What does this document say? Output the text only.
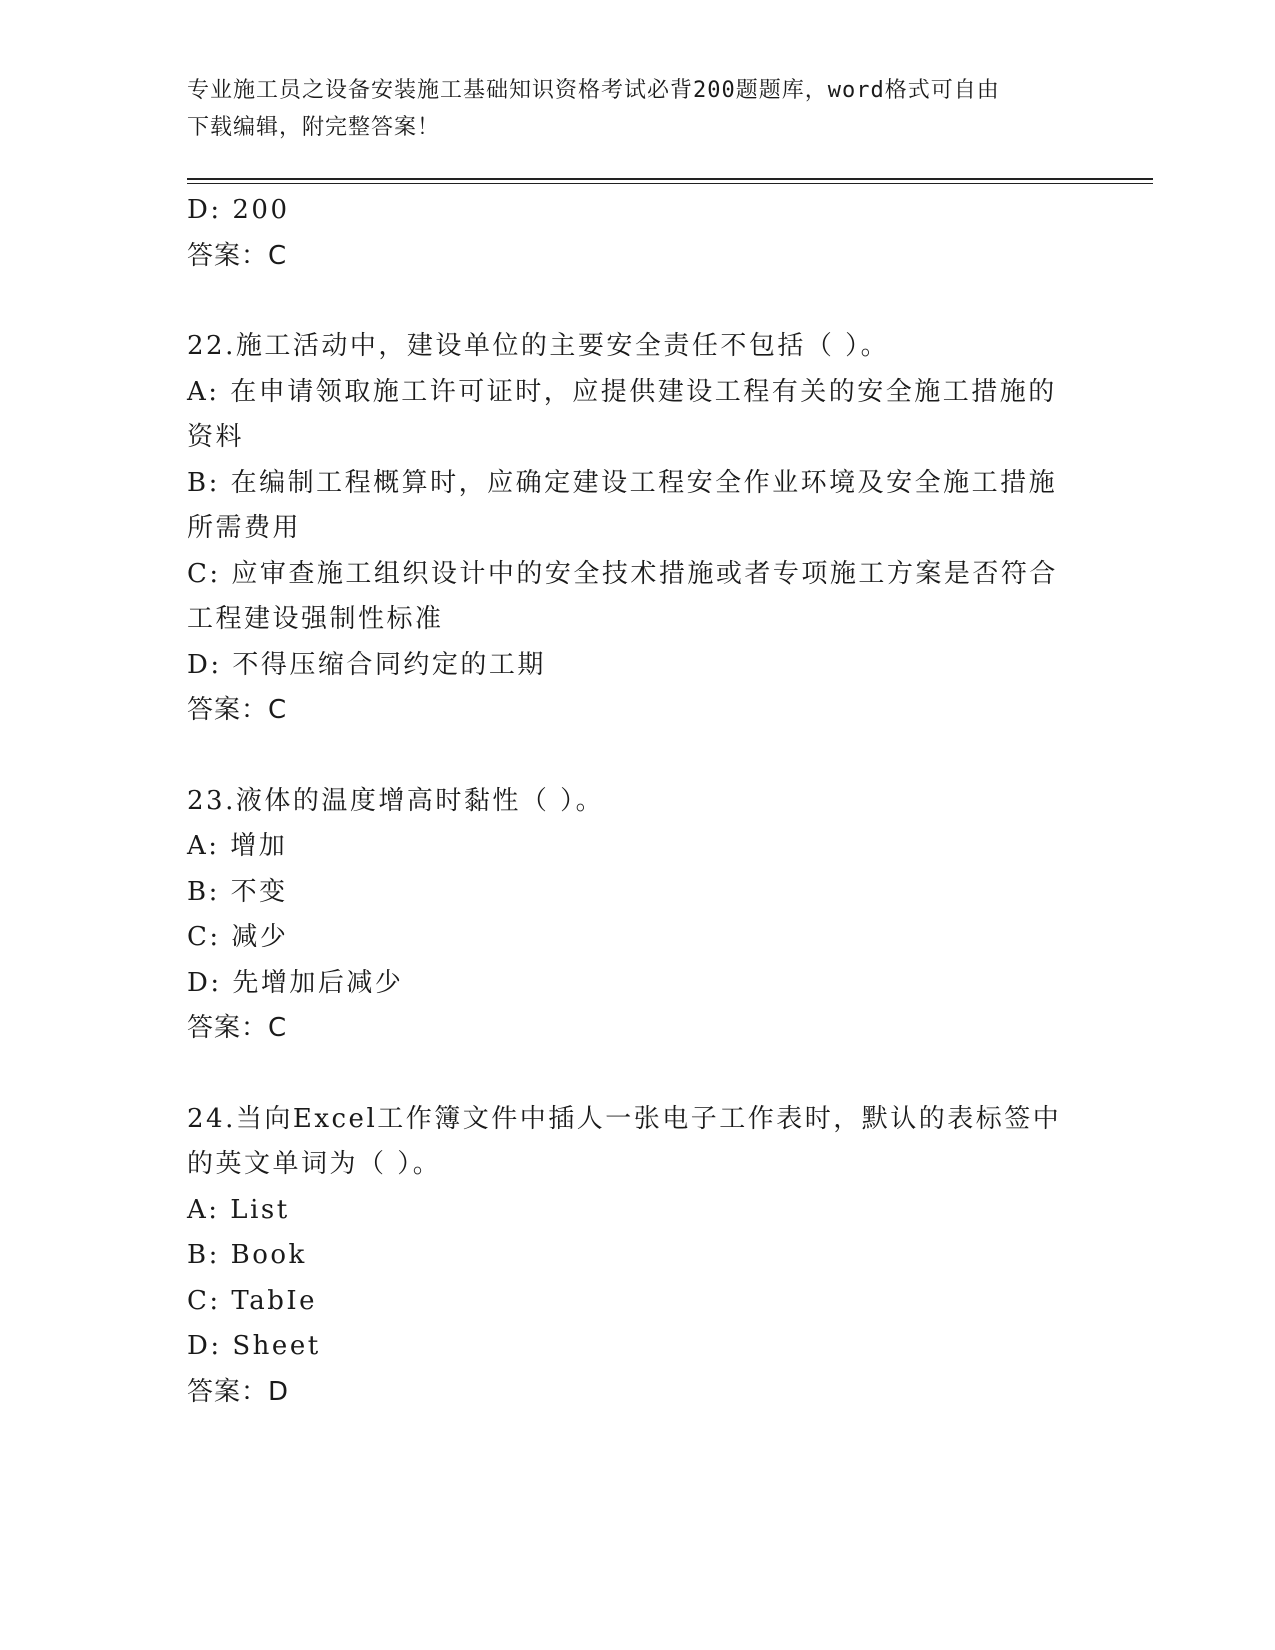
专业施工员之设备安装施工基础知识资格考试必背200题题库，word格式可自由
下载编辑，附完整答案！
D: 200
答案：C
22.施工活动中，建设单位的主要安全责任不包括（ ）。
A: 在申请领取施工许可证时，应提供建设工程有关的安全施工措施的
资料
B: 在编制工程概算时，应确定建设工程安全作业环境及安全施工措施
所需费用
C: 应审查施工组织设计中的安全技术措施或者专项施工方案是否符合
工程建设强制性标准
D: 不得压缩合同约定的工期
答案：C
23.液体的温度增高时黏性（ ）。
A: 增加
B: 不变
C: 减少
D: 先增加后减少
答案：C
24.当向Excel工作簿文件中插人一张电子工作表时，默认的表标签中
的英文单词为（ ）。
A: List
B: Book
C: TabIe
D: Sheet
答案：D
